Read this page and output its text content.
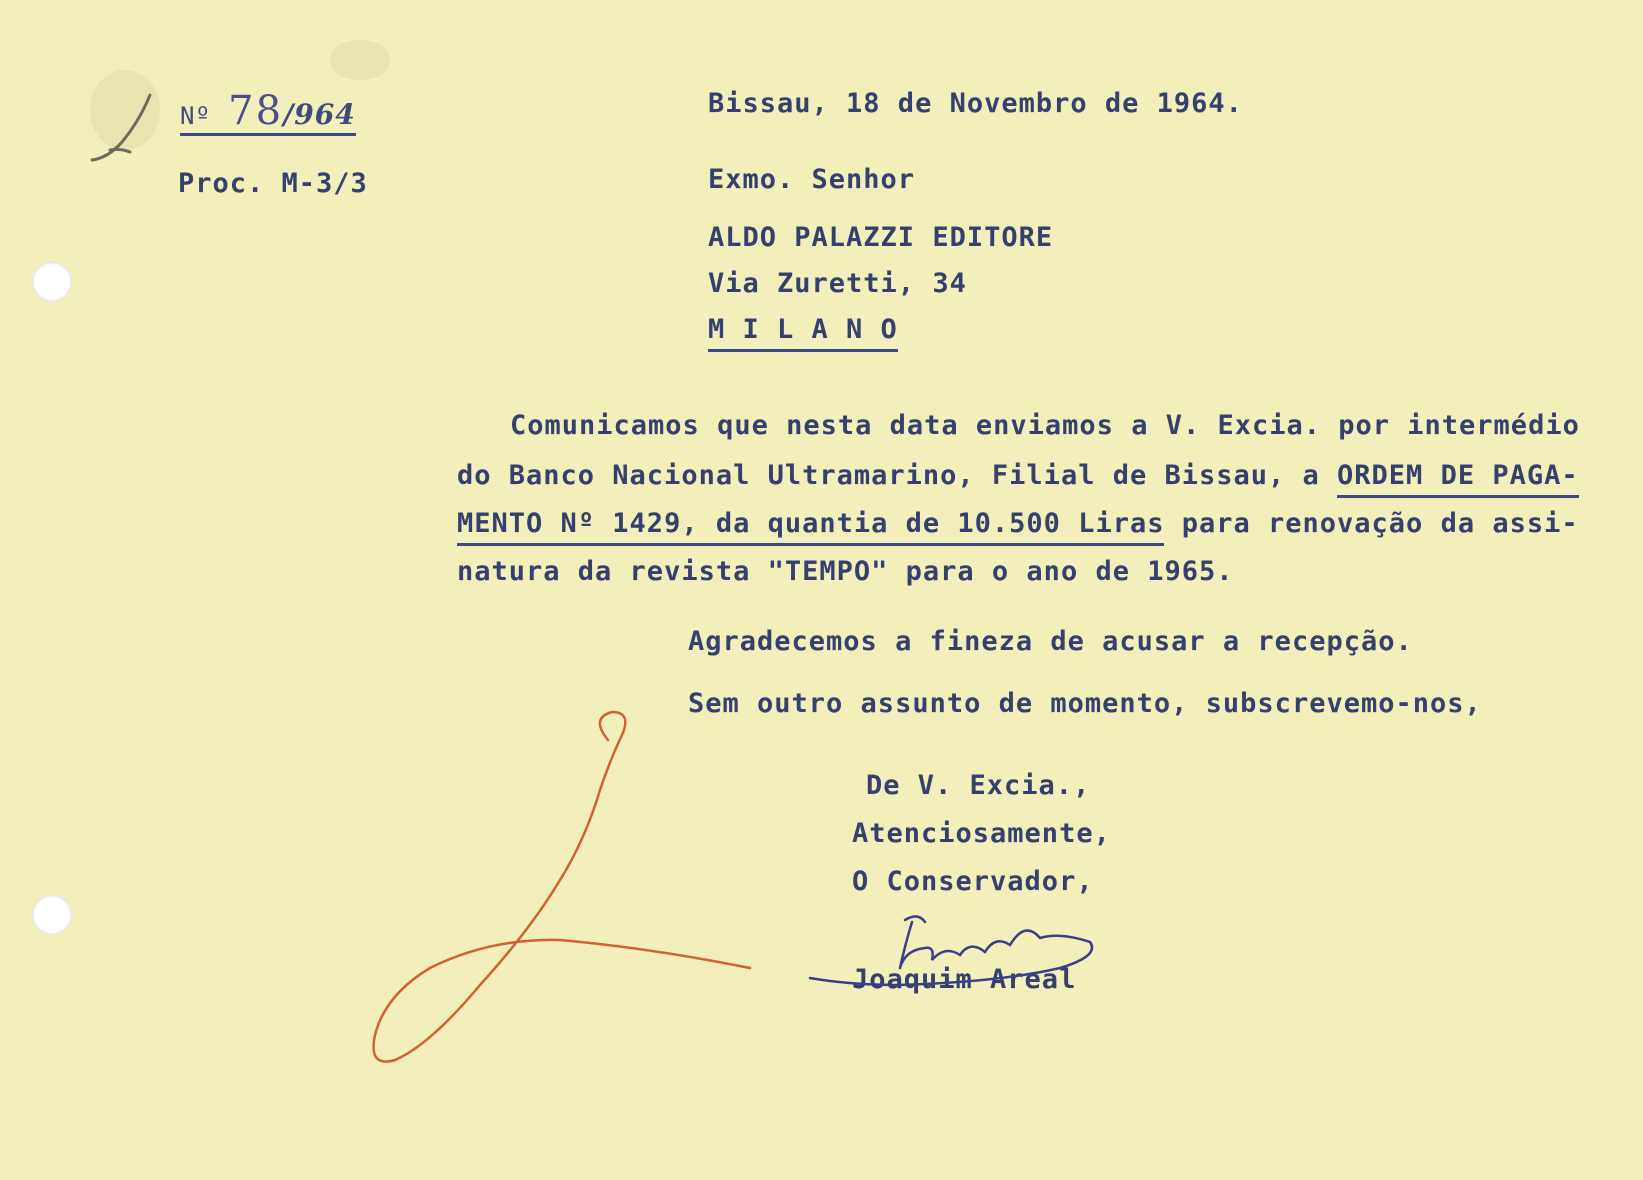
Nº 78/964
Proc. M-3/3
Bissau, 18 de Novembro de 1964.
Exmo. Senhor
ALDO PALAZZI EDITORE
Via Zuretti, 34
M I L A N O
Comunicamos que nesta data enviamos a V. Excia. por intermédio
do Banco Nacional Ultramarino, Filial de Bissau, a ORDEM DE PAGA-
MENTO Nº 1429, da quantia de 10.500 Liras para renovação da assi-
natura da revista "TEMPO" para o ano de 1965.
Agradecemos a fineza de acusar a recepção.
Sem outro assunto de momento, subscrevemo-nos,
De V. Excia.,
Atenciosamente,
O Conservador,
Joaquim Areal
